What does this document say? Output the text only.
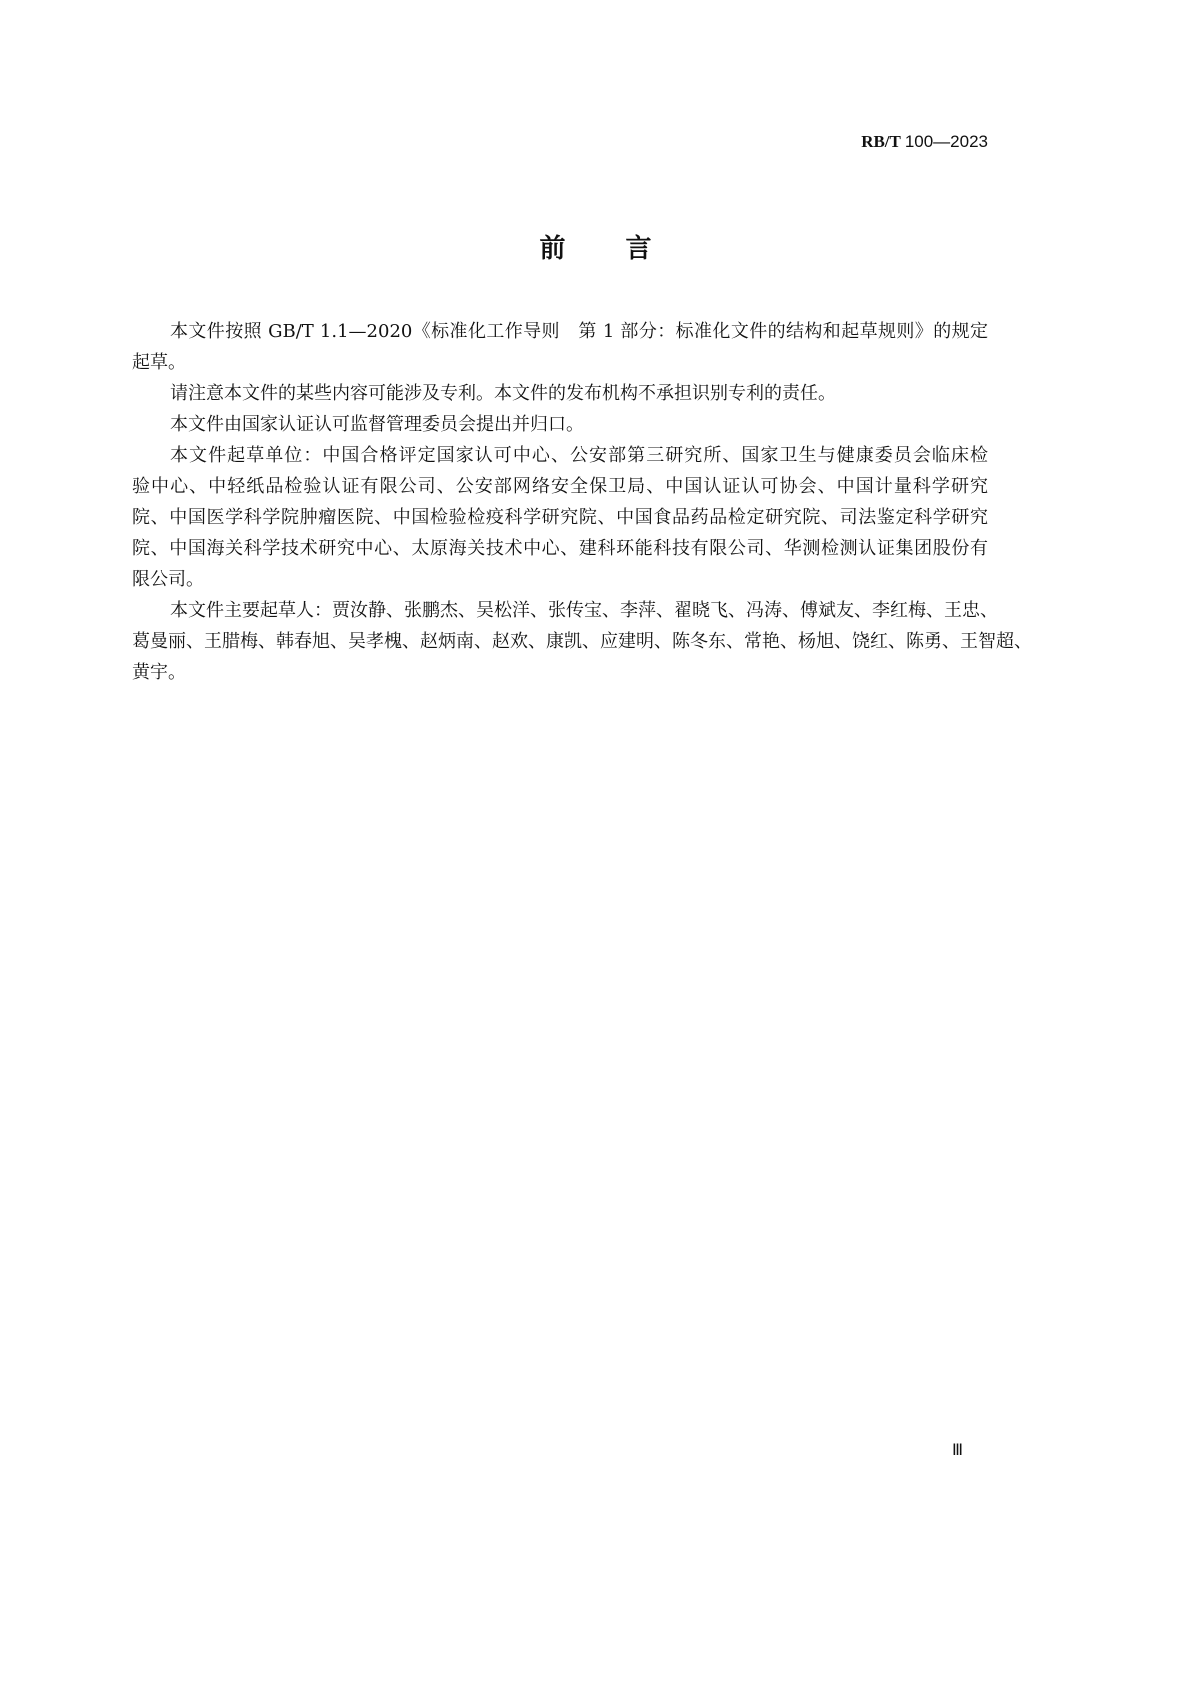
RB/T 100—2023
前言
本文件按照 GB/T 1.1—2020《标准化工作导则　第 1 部分：标准化文件的结构和起草规则》的规定
起草。
请注意本文件的某些内容可能涉及专利。本文件的发布机构不承担识别专利的责任。
本文件由国家认证认可监督管理委员会提出并归口。
本文件起草单位：中国合格评定国家认可中心、公安部第三研究所、国家卫生与健康委员会临床检
验中心、中轻纸品检验认证有限公司、公安部网络安全保卫局、中国认证认可协会、中国计量科学研究
院、中国医学科学院肿瘤医院、中国检验检疫科学研究院、中国食品药品检定研究院、司法鉴定科学研究
院、中国海关科学技术研究中心、太原海关技术中心、建科环能科技有限公司、华测检测认证集团股份有
限公司。
本文件主要起草人：贾汝静、张鹏杰、吴松洋、张传宝、李萍、翟晓飞、冯涛、傅斌友、李红梅、王忠、
葛曼丽、王腊梅、韩春旭、吴孝槐、赵炳南、赵欢、康凯、应建明、陈冬东、常艳、杨旭、饶红、陈勇、王智超、
黄宇。
Ⅲ
